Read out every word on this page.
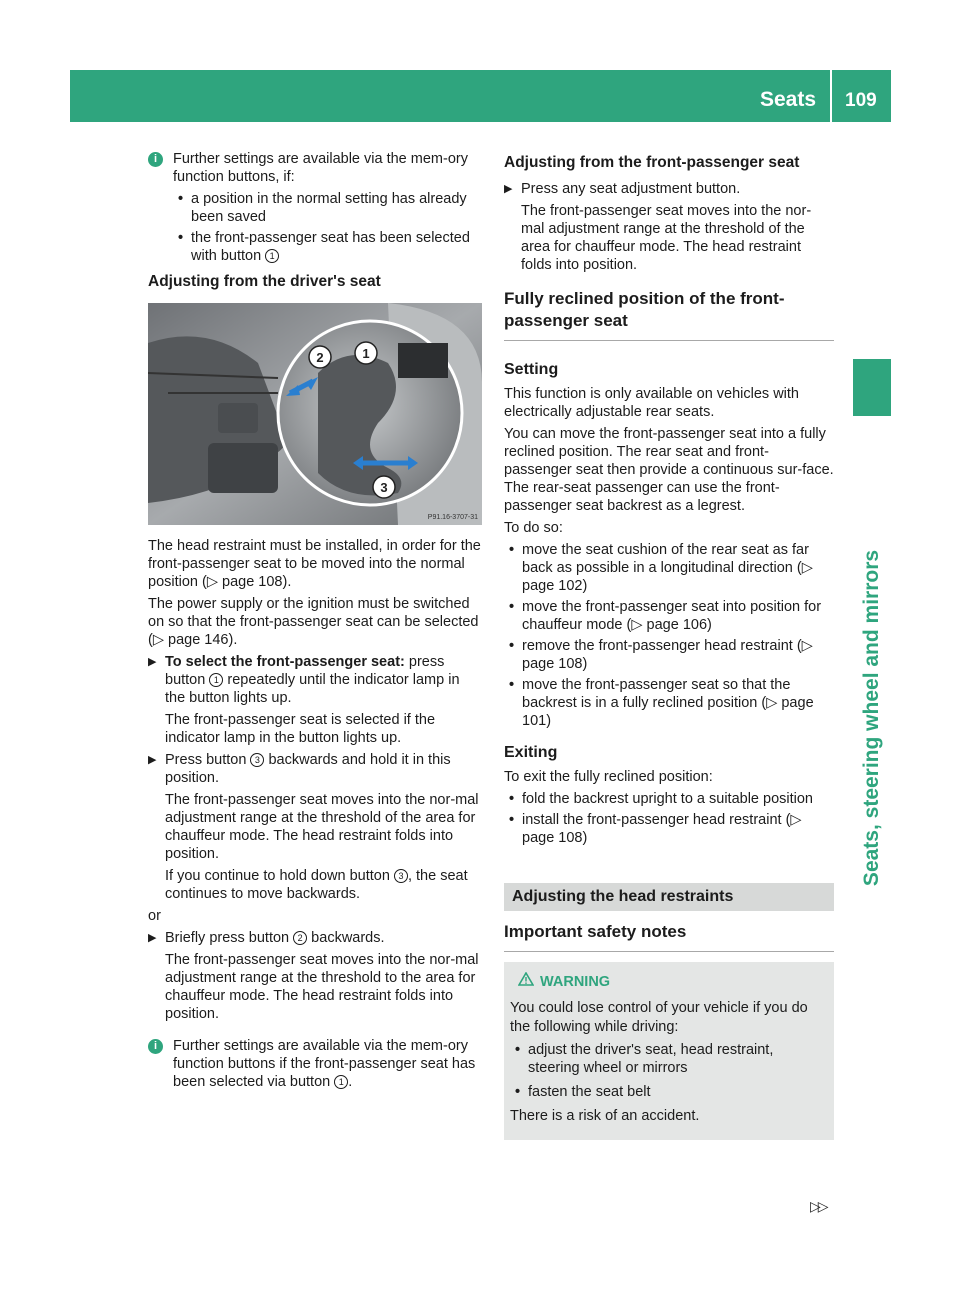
Seats 109
Seats, steering wheel and mirrors
i	Further settings are available via the mem-ory function buttons, if:

• a position in the normal setting has already been saved
• the front-passenger seat has been selected with button 1
Adjusting from the driver's seat
1
2
3
P91.16-3707-31

The head restraint must be installed, in order for the front-passenger seat to be moved into the normal position (▷ page 108).

The power supply or the ignition must be switched on so that the front-passenger seat can be selected (▷ page 146).

▶ To select the front-passenger seat: press button 1 repeatedly until the indicator lamp in the button lights up.

The front-passenger seat is selected if the indicator lamp in the button lights up.

▶ Press button 3 backwards and hold it in this position.

The front-passenger seat moves into the nor-mal adjustment range at the threshold of the area for chauffeur mode. The head restraint folds into position.

If you continue to hold down button 3 , the seat continues to move backwards.

or

▶ Briefly press button 2 backwards.

The front-passenger seat moves into the nor-mal adjustment range at the threshold to the area for chauffeur mode. The head restraint folds into position.

i	Further settings are available via the mem-ory function buttons if the front-passenger seat has been selected via button 1 .

Adjusting from the front-passenger seat
▶ Press any seat adjustment button.

The front-passenger seat moves into the nor-mal adjustment range at the threshold of the area for chauffeur mode. The head restraint folds into position.

Fully reclined position of the front-passenger seat
Setting

This function is only available on vehicles with electrically adjustable rear seats.

You can move the front-passenger seat into a fully reclined position. The rear seat and front-passenger seat then provide a continuous sur-face. The rear-seat passenger can use the front-passenger seat backrest as a legrest.

To do so:

• move the seat cushion of the rear seat as far back as possible in a longitudinal direction (▷ page 102)
• move the front-passenger seat into position for chauffeur mode (▷ page 106)
• remove the front-passenger head restraint (▷ page 108)
• move the front-passenger seat so that the backrest is in a fully reclined position (▷ page 101)
Exiting

To exit the fully reclined position:

• fold the backrest upright to a suitable position
• install the front-passenger head restraint (▷ page 108)
Adjusting the head restraints
Important safety notes
WARNING

You could lose control of your vehicle if you do the following while driving:

• adjust the driver's seat, head restraint, steering wheel or mirrors
• fasten the seat belt

There is a risk of an accident.

▷▷
